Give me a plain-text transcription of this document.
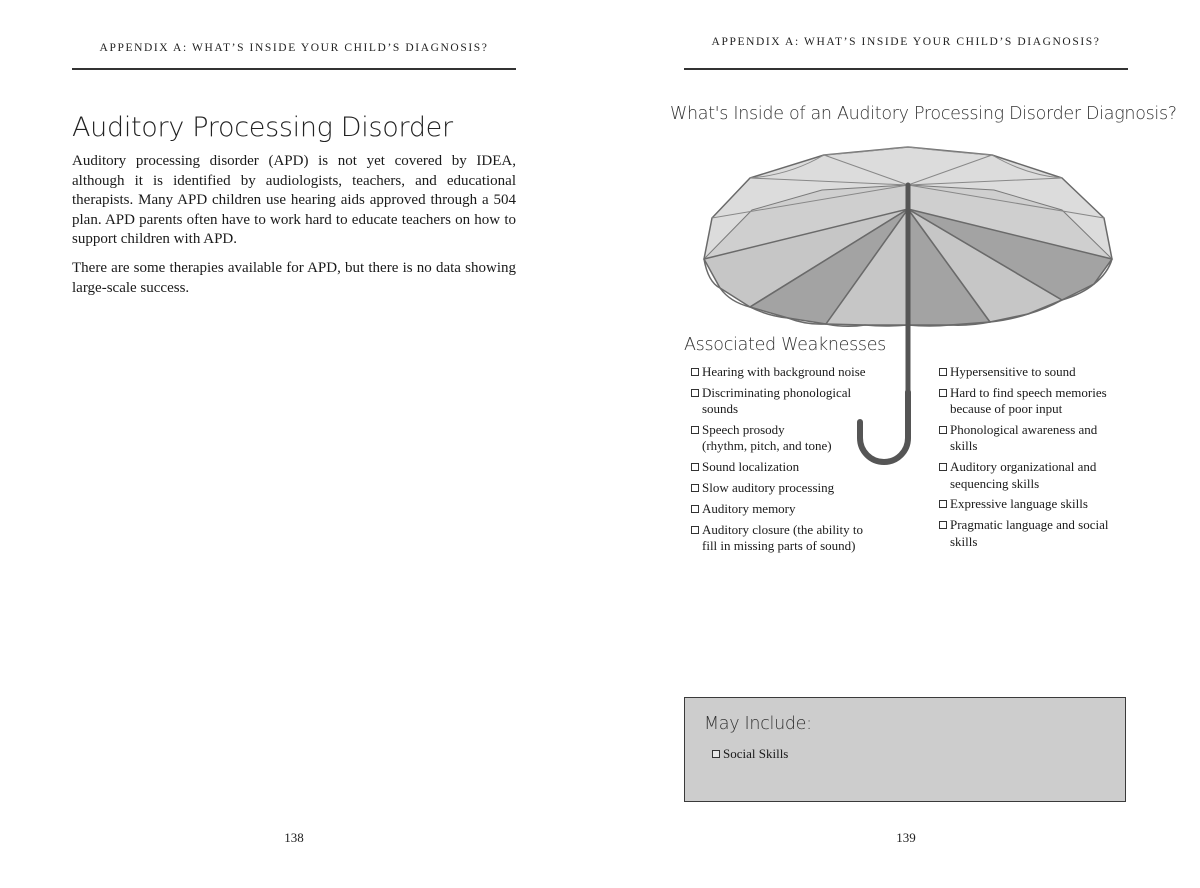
APPENDIX A: WHAT’S INSIDE YOUR CHILD’S DIAGNOSIS?
Auditory Processing Disorder

Auditory processing disorder (APD) is not yet covered by IDEA, although it is identified by audiologists, teachers, and educational therapists. Many APD children use hearing aids approved through a 504 plan. APD parents often have to work hard to educate teachers on how to support children with APD.

There are some therapies available for APD, but there is no data showing large-scale success.

138
APPENDIX A: WHAT’S INSIDE YOUR CHILD’S DIAGNOSIS?
What's Inside of an Auditory Processing Disorder Diagnosis?
Associated Weaknesses
Hearing with background noise
Discriminating phonological
sounds
Speech prosody
(rhythm, pitch, and tone)
Sound localization
Slow auditory processing
Auditory memory
Auditory closure (the ability to
fill in missing parts of sound)
Hypersensitive to sound
Hard to find speech memories
because of poor input
Phonological awareness and
skills
Auditory organizational and
sequencing skills
Expressive language skills
Pragmatic language and social
skills
May Include:
Social Skills
139
